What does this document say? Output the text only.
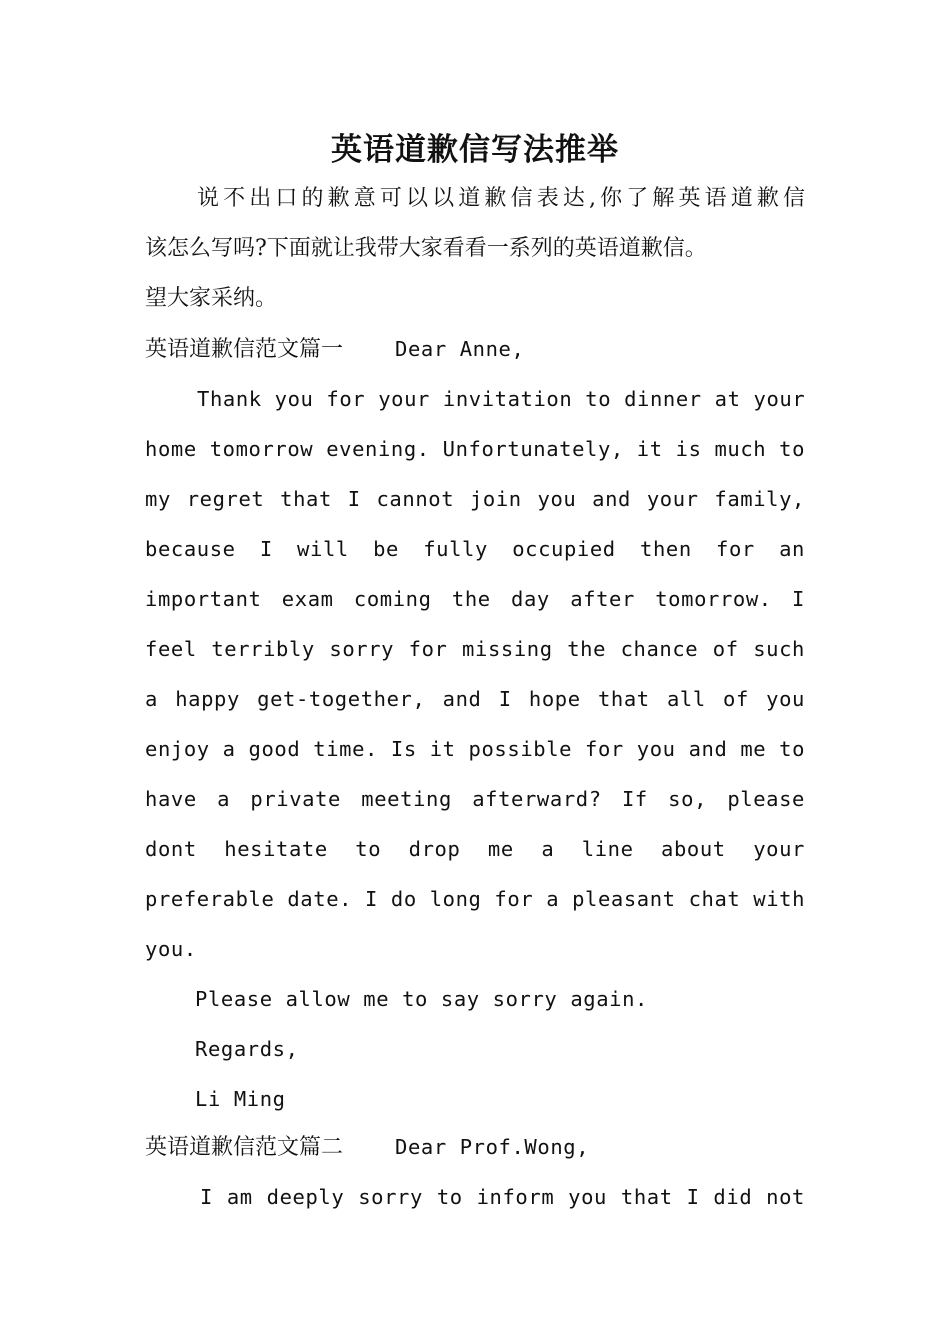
英语道歉信写法推举
说不出口的歉意可以以道歉信表达,你了解英语道歉信
该怎么写吗?下面就让我带大家看看一系列的英语道歉信。
望大家采纳。
英语道歉信范文篇一	Dear Anne,
Thank you for your invitation to dinner at your
home tomorrow evening. Unfortunately, it is much to
my regret that I cannot join you and your family,
because I will be fully occupied then for an
important exam coming the day after tomorrow. I
feel terribly sorry for missing the chance of such
a happy get-together, and I hope that all of you
enjoy a good time. Is it possible for you and me to
have a private meeting afterward? If so, please
dont hesitate to drop me a line about your
preferable date. I do long for a pleasant chat with
you.
Please allow me to say sorry again.
Regards,
Li Ming
英语道歉信范文篇二	Dear Prof.Wong,
I am deeply sorry to inform you that I did not
